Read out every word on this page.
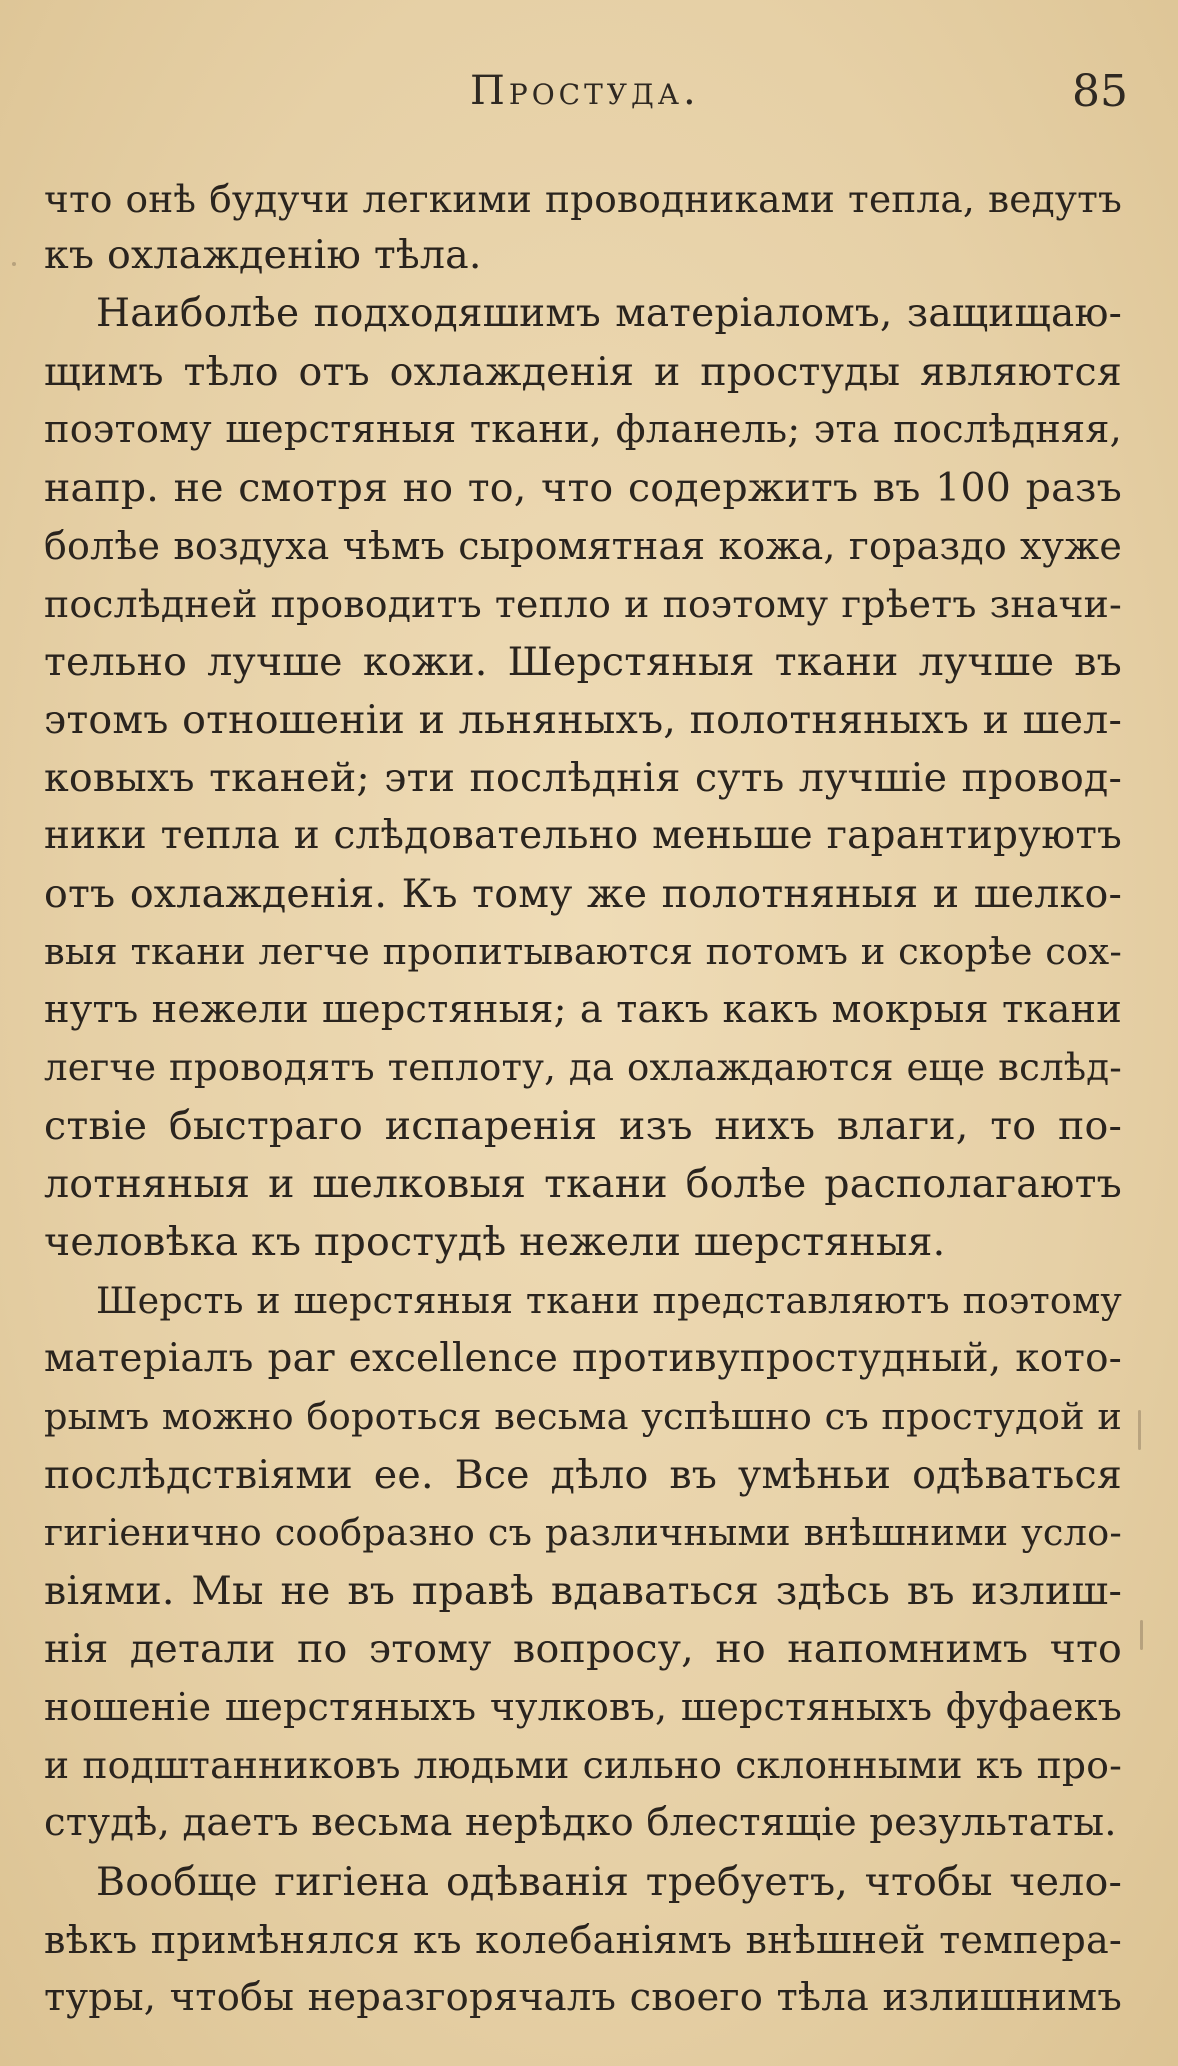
Простуда.	85
что онѣ будучи легкими проводниками тепла, ведутъ
къ охлажденію тѣла.
Наиболѣе подходяшимъ матеріаломъ, защищаю-
щимъ тѣло отъ охлажденія и простуды являются
поэтому шерстяныя ткани, фланель; эта послѣдняя,
напр. не смотря но то, что содержитъ въ 100 разъ
болѣе воздуха чѣмъ сыромятная кожа, гораздо хуже
послѣдней проводитъ тепло и поэтому грѣетъ значи-
тельно лучше кожи. Шерстяныя ткани лучше въ
этомъ отношеніи и льняныхъ, полотняныхъ и шел-
ковыхъ тканей; эти послѣднія суть лучшіе провод-
ники тепла и слѣдовательно меньше гарантируютъ
отъ охлажденія. Къ тому же полотняныя и шелко-
выя ткани легче пропитываются потомъ и скорѣе сох-
нутъ нежели шерстяныя; а такъ какъ мокрыя ткани
легче проводятъ теплоту, да охлаждаются еще вслѣд-
ствіе быстраго испаренія изъ нихъ влаги, то по-
лотняныя и шелковыя ткани болѣе располагаютъ
человѣка къ простудѣ нежели шерстяныя.
Шерсть и шерстяныя ткани представляютъ поэтому
матеріалъ par excellence противупростудный, кото-
рымъ можно бороться весьма успѣшно съ простудой и
послѣдствіями ее. Все дѣло въ умѣньи одѣваться
гигіенично сообразно съ различными внѣшними усло-
віями. Мы не въ правѣ вдаваться здѣсь въ излиш-
нія детали по этому вопросу, но напомнимъ что
ношеніе шерстяныхъ чулковъ, шерстяныхъ фуфаекъ
и подштанниковъ людьми сильно склонными къ про-
студѣ, даетъ весьма нерѣдко блестящіе результаты.
Вообще гигіена одѣванія требуетъ, чтобы чело-
вѣкъ примѣнялся къ колебаніямъ внѣшней темпера-
туры, чтобы неразгорячалъ своего тѣла излишнимъ
